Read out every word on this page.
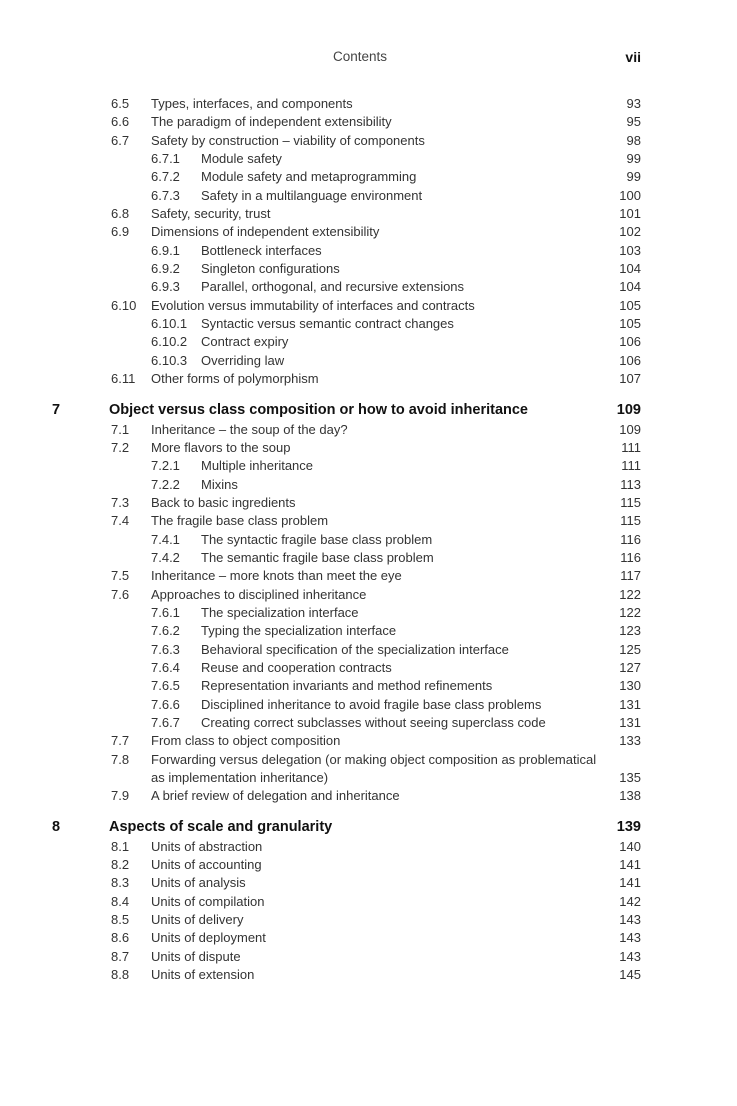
Contents	vii
6.5 Types, interfaces, and components	93
6.6 The paradigm of independent extensibility	95
6.7 Safety by construction – viability of components	98
6.7.1 Module safety	99
6.7.2 Module safety and metaprogramming	99
6.7.3 Safety in a multilanguage environment	100
6.8 Safety, security, trust	101
6.9 Dimensions of independent extensibility	102
6.9.1 Bottleneck interfaces	103
6.9.2 Singleton configurations	104
6.9.3 Parallel, orthogonal, and recursive extensions	104
6.10 Evolution versus immutability of interfaces and contracts	105
6.10.1 Syntactic versus semantic contract changes	105
6.10.2 Contract expiry	106
6.10.3 Overriding law	106
6.11 Other forms of polymorphism	107
7	Object versus class composition or how to avoid inheritance	109
7.1 Inheritance – the soup of the day?	109
7.2 More flavors to the soup	111
7.2.1 Multiple inheritance	111
7.2.2 Mixins	113
7.3 Back to basic ingredients	115
7.4 The fragile base class problem	115
7.4.1 The syntactic fragile base class problem	116
7.4.2 The semantic fragile base class problem	116
7.5 Inheritance – more knots than meet the eye	117
7.6 Approaches to disciplined inheritance	122
7.6.1 The specialization interface	122
7.6.2 Typing the specialization interface	123
7.6.3 Behavioral specification of the specialization interface	125
7.6.4 Reuse and cooperation contracts	127
7.6.5 Representation invariants and method refinements	130
7.6.6 Disciplined inheritance to avoid fragile base class problems	131
7.6.7 Creating correct subclasses without seeing superclass code	131
7.7 From class to object composition	133
7.8 Forwarding versus delegation (or making object composition as problematical
as implementation inheritance)	135
7.9 A brief review of delegation and inheritance	138
8	Aspects of scale and granularity	139
8.1 Units of abstraction	140
8.2 Units of accounting	141
8.3 Units of analysis	141
8.4 Units of compilation	142
8.5 Units of delivery	143
8.6 Units of deployment	143
8.7 Units of dispute	143
8.8 Units of extension	145
